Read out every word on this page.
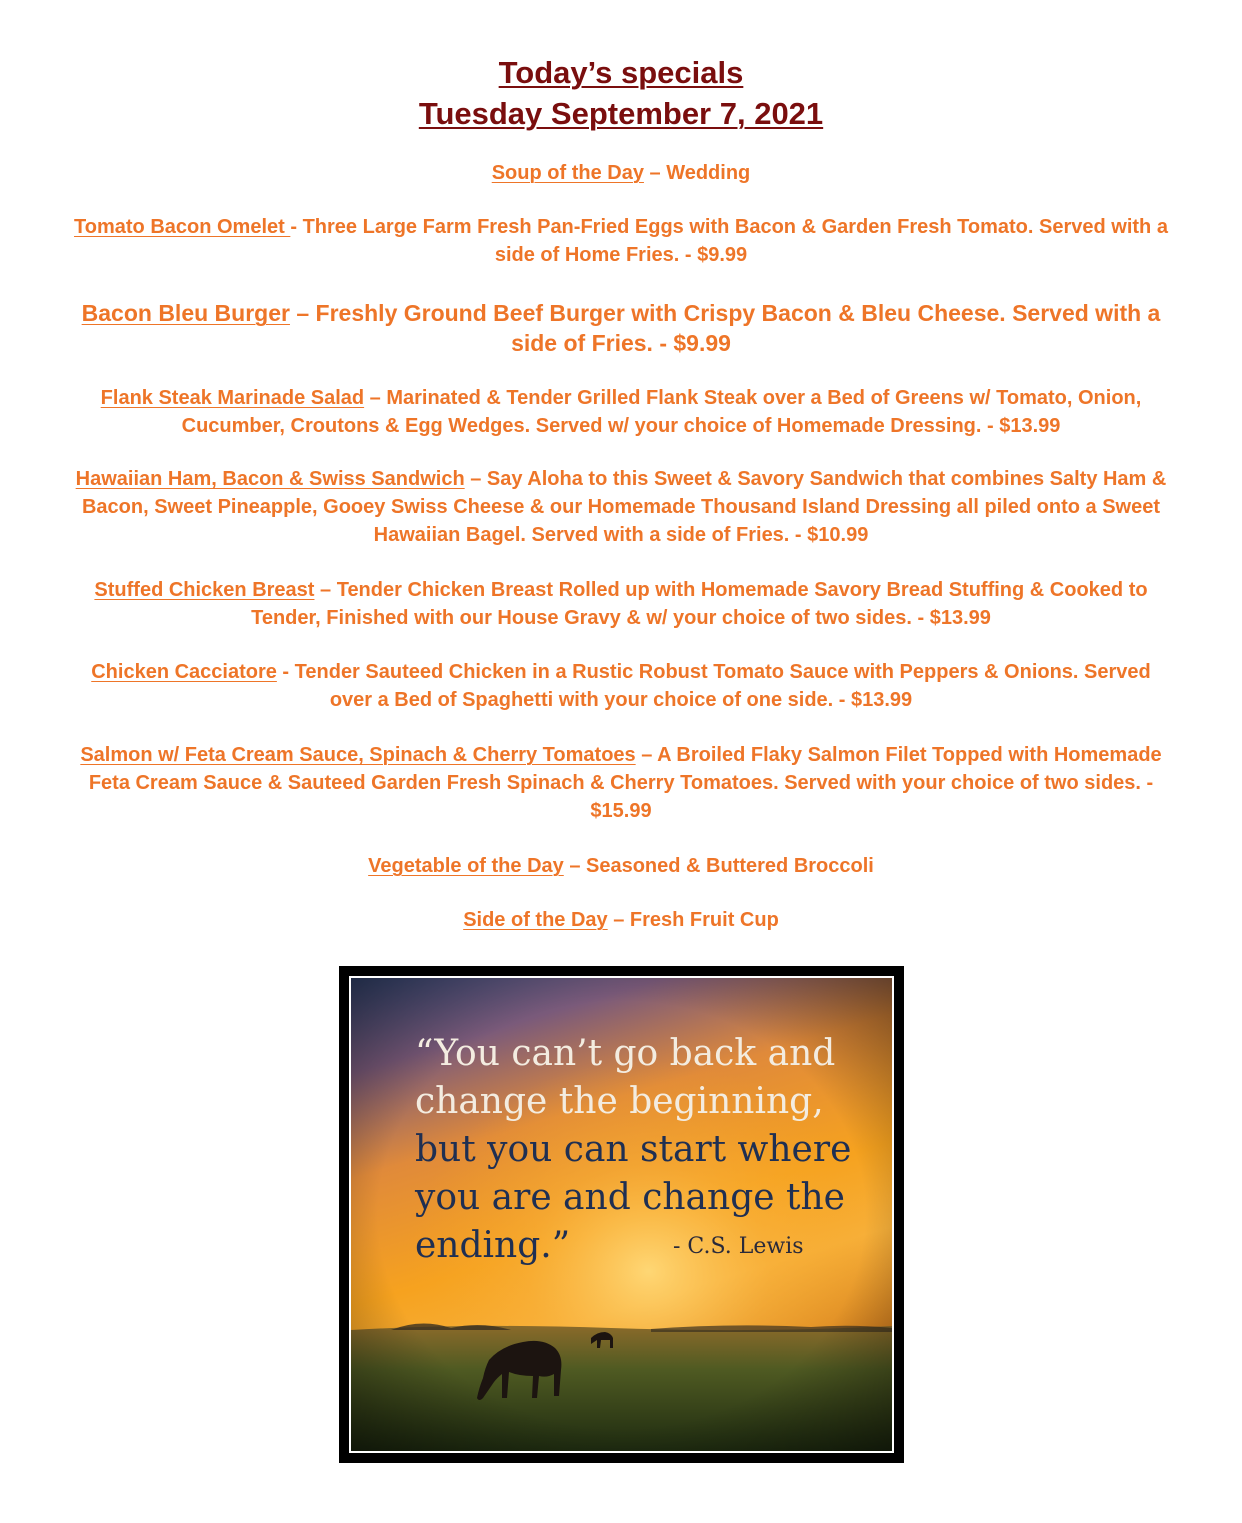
Today’s specials
Tuesday September 7, 2021
Soup of the Day – Wedding
Tomato Bacon Omelet - Three Large Farm Fresh Pan-Fried Eggs with Bacon & Garden Fresh Tomato. Served with a side of Home Fries. - $9.99
Bacon Bleu Burger – Freshly Ground Beef Burger with Crispy Bacon & Bleu Cheese. Served with a side of Fries. - $9.99
Flank Steak Marinade Salad – Marinated & Tender Grilled Flank Steak over a Bed of Greens w/ Tomato, Onion, Cucumber, Croutons & Egg Wedges. Served w/ your choice of Homemade Dressing. - $13.99
Hawaiian Ham, Bacon & Swiss Sandwich – Say Aloha to this Sweet & Savory Sandwich that combines Salty Ham & Bacon, Sweet Pineapple, Gooey Swiss Cheese & our Homemade Thousand Island Dressing all piled onto a Sweet Hawaiian Bagel. Served with a side of Fries. - $10.99
Stuffed Chicken Breast – Tender Chicken Breast Rolled up with Homemade Savory Bread Stuffing & Cooked to Tender, Finished with our House Gravy & w/ your choice of two sides. - $13.99
Chicken Cacciatore - Tender Sauteed Chicken in a Rustic Robust Tomato Sauce with Peppers & Onions. Served over a Bed of Spaghetti with your choice of one side. - $13.99
Salmon w/ Feta Cream Sauce, Spinach & Cherry Tomatoes – A Broiled Flaky Salmon Filet Topped with Homemade Feta Cream Sauce & Sauteed Garden Fresh Spinach & Cherry Tomatoes. Served with your choice of two sides. - $15.99
Vegetable of the Day – Seasoned & Buttered Broccoli
Side of the Day – Fresh Fruit Cup
“You can’t go back and
change the beginning,
but you can start where
you are and change the
ending.”	- C.S. Lewis
